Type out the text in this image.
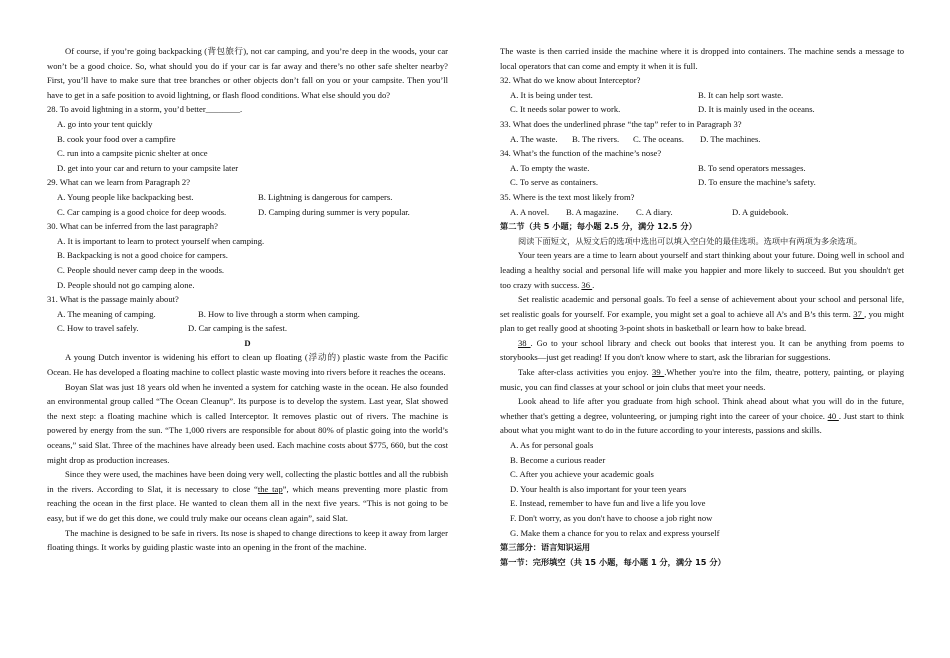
Of course, if you’re going backpacking (背包旅行), not car camping, and you’re deep in the woods, your car won’t be a good choice. So, what should you do if your car is far away and there’s no other safe shelter nearby? First, you’ll have to make sure that tree branches or other objects don’t fall on you or your campsite. Then you’ll have to get in a safe position to avoid lightning, or flash flood conditions. What else should you do?

28. To avoid lightning in a storm, you’d better________.

A. go into your tent quickly

B. cook your food over a campfire

C. run into a campsite picnic shelter at once

D. get into your car and return to your campsite later

29. What can we learn from Paragraph 2?

A. Young people like backpacking best.	B. Lightning is dangerous for campers.
C. Car camping is a good choice for deep woods.	D. Camping during summer is very popular.

30. What can be inferred from the last paragraph?

A. It is important to learn to protect yourself when camping.

B. Backpacking is not a good choice for campers.

C. People should never camp deep in the woods.

D. People should not go camping alone.

31. What is the passage mainly about?

A. The meaning of camping.	B. How to live through a storm when camping.
C. How to travel safely.	D. Car camping is the safest.

D

A young Dutch inventor is widening his effort to clean up floating (浮动的) plastic waste from the Pacific Ocean. He has developed a floating machine to collect plastic waste moving into rivers before it reaches the oceans.

Boyan Slat was just 18 years old when he invented a system for catching waste in the ocean. He also founded an environmental group called “The Ocean Cleanup”. Its purpose is to develop the system. Last year, Slat showed the next step: a floating machine which is called Interceptor. It removes plastic out of rivers. The machine is powered by energy from the sun. “The 1,000 rivers are responsible for about 80% of plastic going into the world’s oceans,” said Slat. Three of the machines have already been used. Each machine costs about $775, 660, but the cost might drop as production increases.

Since they were used, the machines have been doing very well, collecting the plastic bottles and all the rubbish in the rivers. According to Slat, it is necessary to close “the tap”, which means preventing more plastic from reaching the ocean in the first place. He wanted to clean them all in the next five years. “This is not going to be easy, but if we do get this done, we could truly make our oceans clean again”, said Slat.

The machine is designed to be safe in rivers. Its nose is shaped to change directions to keep it away from larger floating things. It works by guiding plastic waste into an opening in the front of the machine.

The waste is then carried inside the machine where it is dropped into containers. The machine sends a message to local operators that can come and empty it when it is full.

32. What do we know about Interceptor?

A. It is being under test.	B. It can help sort waste.
C. It needs solar power to work.	D. It is mainly used in the oceans.

33. What does the underlined phrase “the tap” refer to in Paragraph 3?

A. The waste.	B. The rivers.	C. The oceans.	D. The machines.

34. What’s the function of the machine’s nose?

A. To empty the waste.	B. To send operators messages.
C. To serve as containers.	D. To ensure the machine’s safety.

35. Where is the text most likely from?

A. A novel.	B. A magazine.	C. A diary.	D. A guidebook.

第二节（共 5 小题；每小题 2.5 分，满分 12.5 分）

阅读下面短文，从短文后的选项中选出可以填入空白处的最佳选项。选项中有两项为多余选项。

Your teen years are a time to learn about yourself and start thinking about your future. Doing well in school and leading a healthy social and personal life will make you happier and more likely to succeed. But you shouldn't get too crazy with success. 36 .

Set realistic academic and personal goals. To feel a sense of achievement about your school and personal life, set realistic goals for yourself. For example, you might set a goal to achieve all A’s and B’s this term. 37 , you might plan to get really good at shooting 3-point shots in basketball or learn how to bake bread.

38 . Go to your school library and check out books that interest you. It can be anything from poems to storybooks—just get reading! If you don't know where to start, ask the librarian for suggestions.

Take after-class activities you enjoy. 39 .Whether you're into the film, theatre, pottery, painting, or playing music, you can find classes at your school or join clubs that meet your needs.

Look ahead to life after you graduate from high school. Think ahead about what you will do in the future, whether that's getting a degree, volunteering, or jumping right into the career of your choice. 40 . Just start to think about what you might want to do in the future according to your interests, passions and skills.

A. As for personal goals

B. Become a curious reader

C. After you achieve your academic goals

D. Your health is also important for your teen years

E. Instead, remember to have fun and live a life you love

F. Don't worry, as you don't have to choose a job right now

G. Make them a chance for you to relax and express yourself

第三部分：语言知识运用

第一节：完形填空（共 15 小题，每小题 1 分，满分 15 分）
